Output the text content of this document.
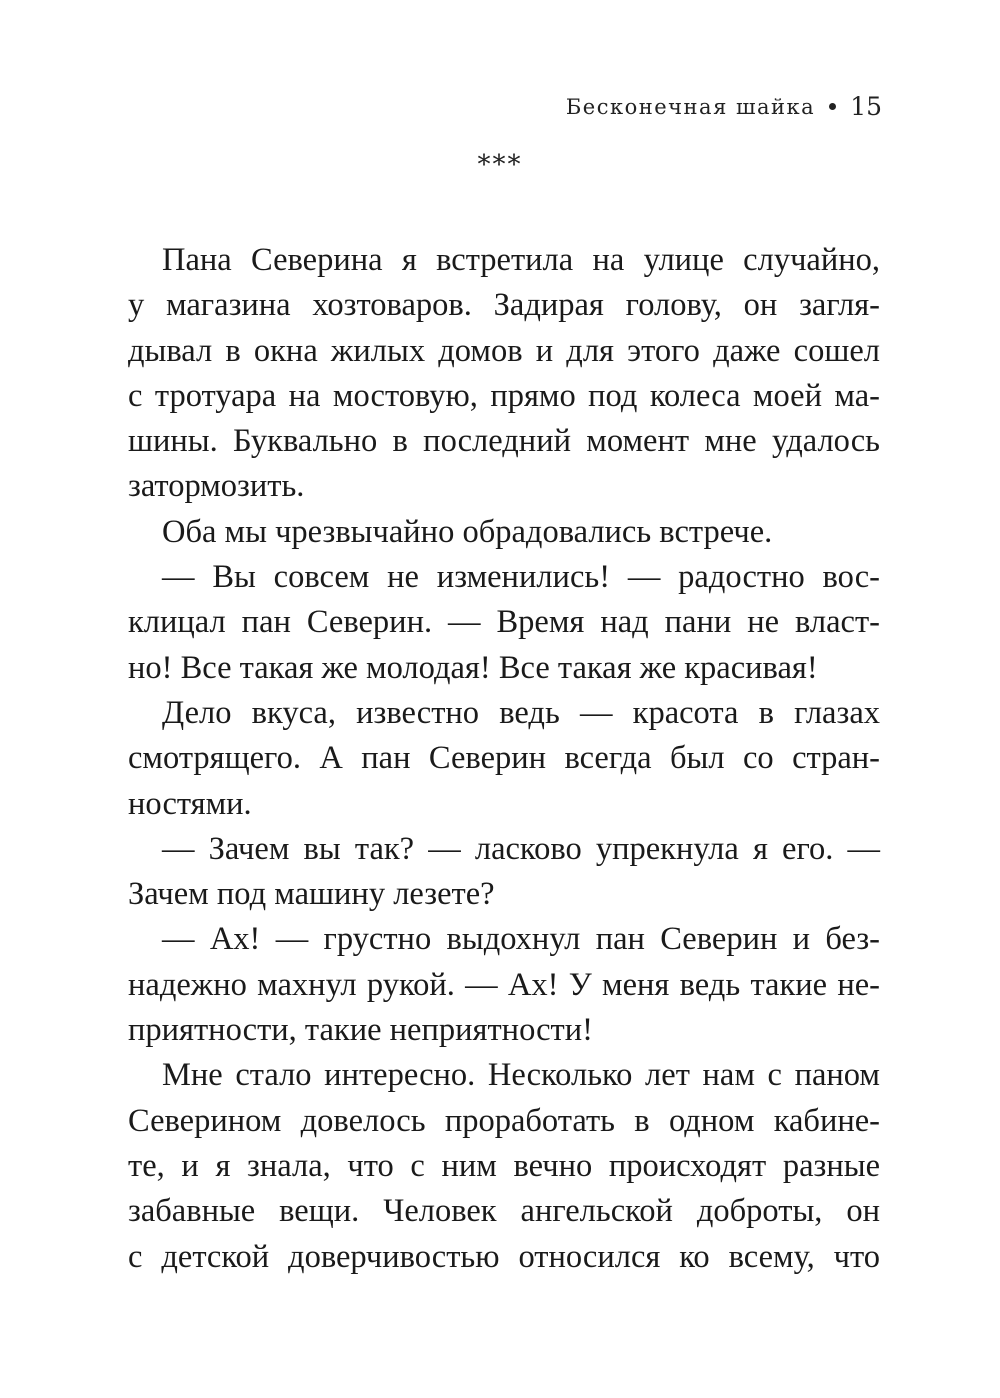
Бесконечная шайка 15
***
Пана Северина я встретила на улице случайно,
у магазина хозтоваров. Задирая голову, он загля-
дывал в окна жилых домов и для этого даже сошел
с тротуара на мостовую, прямо под колеса моей ма-
шины. Буквально в последний момент мне удалось
затормозить.
Оба мы чрезвычайно обрадовались встрече.
— Вы совсем не изменились! — радостно вос-
клицал пан Северин. — Время над пани не власт-
но! Все такая же молодая! Все такая же красивая!
Дело вкуса, известно ведь — красота в глазах
смотрящего. А пан Северин всегда был со стран-
ностями.
— Зачем вы так? — ласково упрекнула я его. —
Зачем под машину лезете?
— Ах! — грустно выдохнул пан Северин и без-
надежно махнул рукой. — Ах! У меня ведь такие не-
приятности, такие неприятности!
Мне стало интересно. Несколько лет нам с паном
Северином довелось проработать в одном кабине-
те, и я знала, что с ним вечно происходят разные
забавные вещи. Человек ангельской доброты, он
с детской доверчивостью относился ко всему, что
